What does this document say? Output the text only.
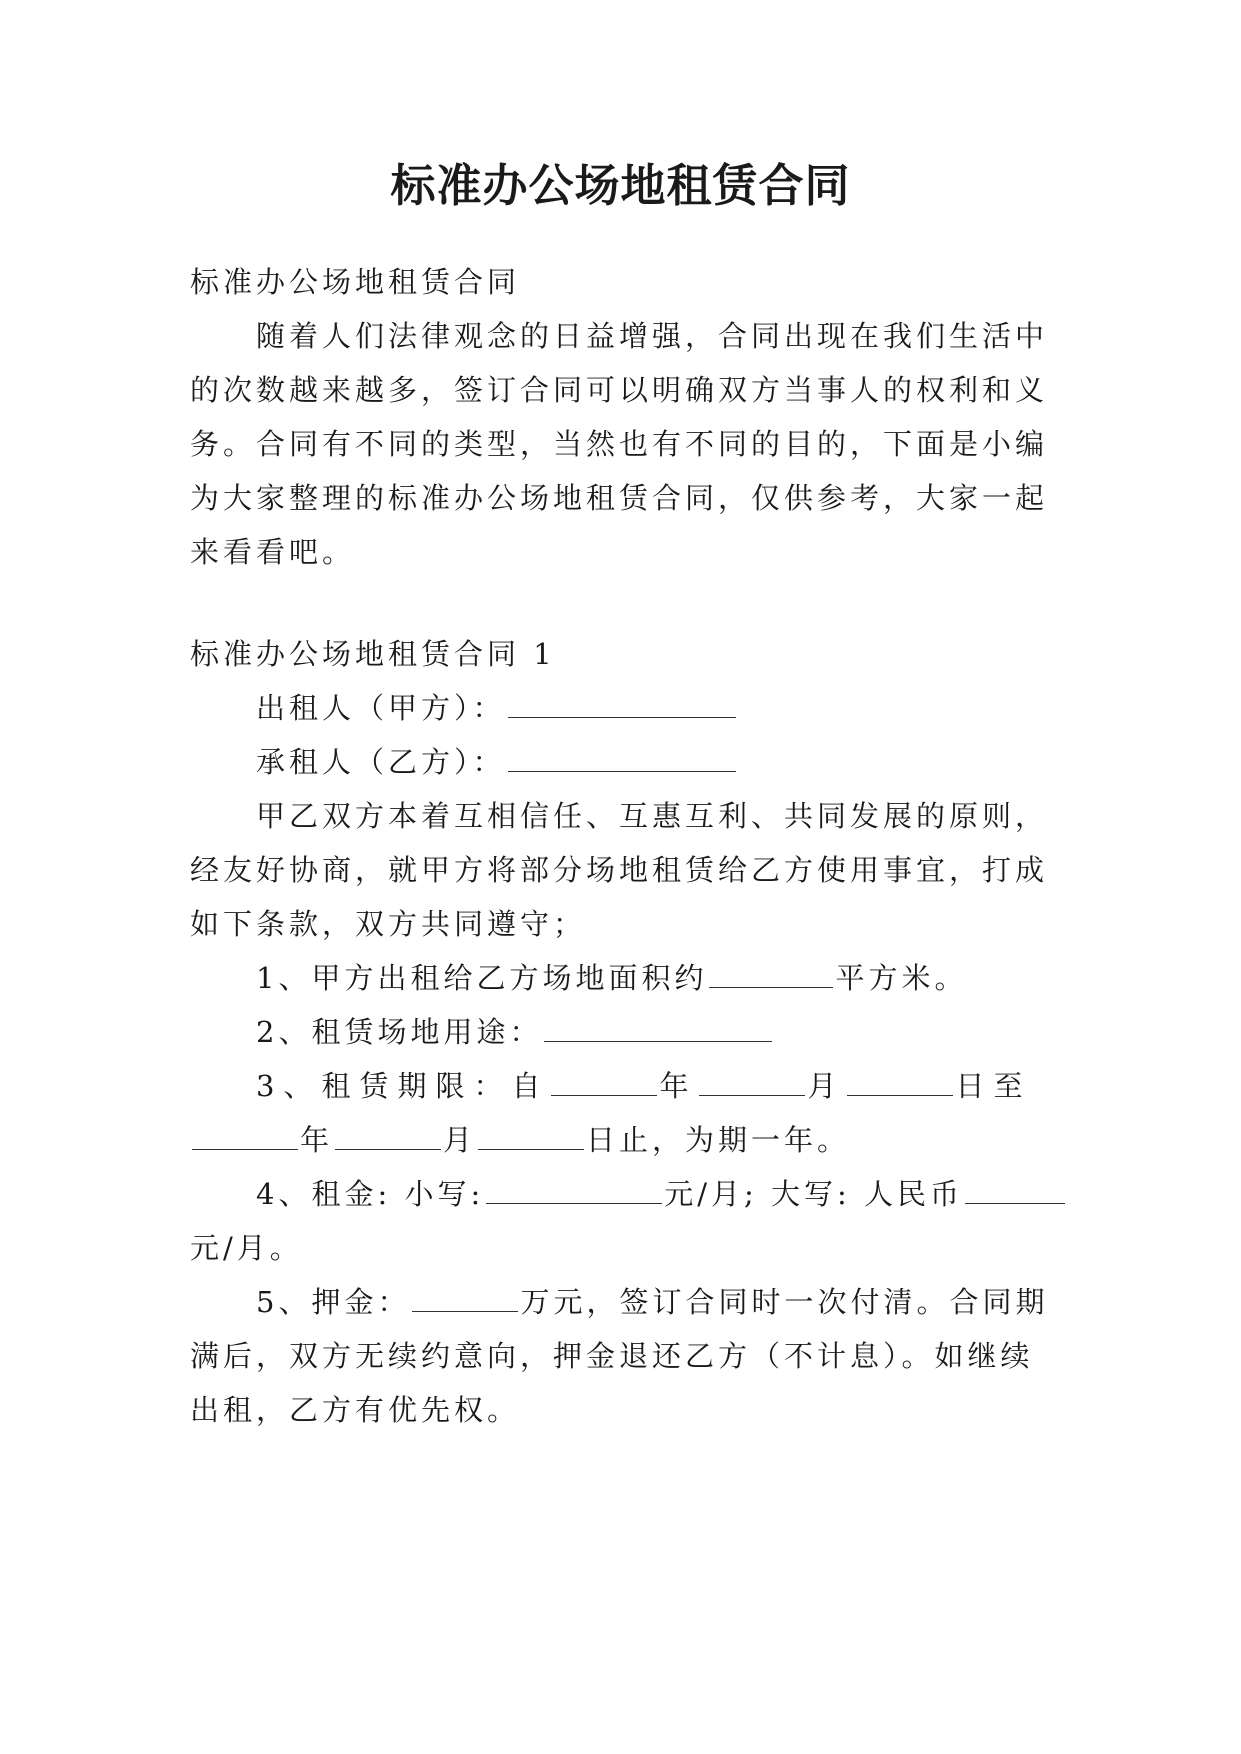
标准办公场地租赁合同

标准办公场地租赁合同

随着人们法律观念的日益增强，合同出现在我们生活中

的次数越来越多，签订合同可以明确双方当事人的权利和义

务。合同有不同的类型，当然也有不同的目的，下面是小编

为大家整理的标准办公场地租赁合同，仅供参考，大家一起

来看看吧。

标准办公场地租赁合同 1

出租人（甲方）：

承租人（乙方）：

甲乙双方本着互相信任、互惠互利、共同发展的原则，

经友好协商，就甲方将部分场地租赁给乙方使用事宜，打成

如下条款，双方共同遵守；

1、甲方出租给乙方场地面积约	平方米。

2、租赁场地用途：

3、租赁期限：自	年	月	日至

年	月	日止，为期一年。

4、租金: 小写:	元/月; 大写: 人民币

元/月。

5、押金：	万元，签订合同时一次付清。合同期

满后，双方无续约意向，押金退还乙方（不计息）。如继续

出租，乙方有优先权。
